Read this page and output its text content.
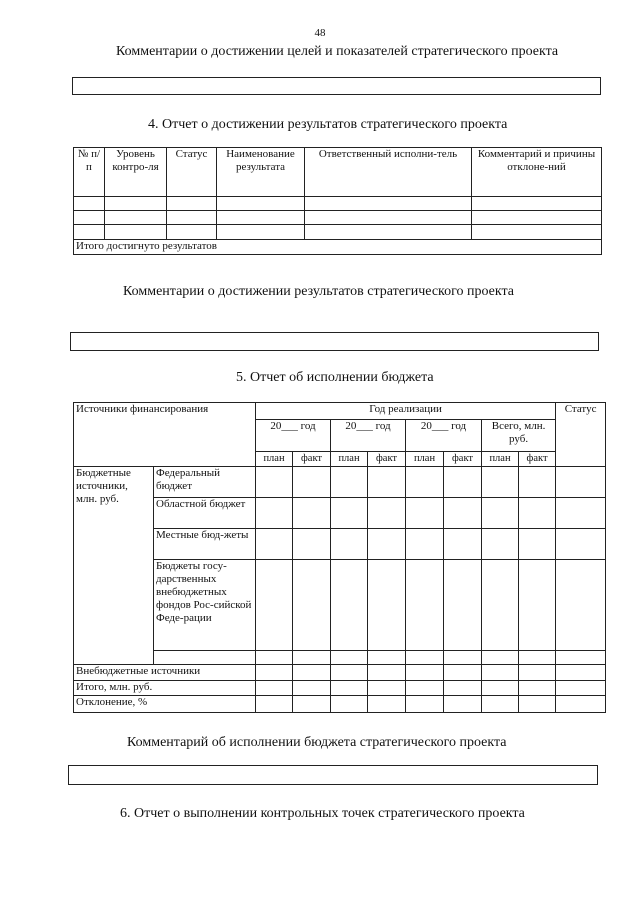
48
Комментарии о достижении целей и показателей стратегического проекта
4. Отчет о достижении результатов стратегического проекта
№ п/п	Уровень контро-ля	Статус	Наименование результата	Ответственный исполни-тель	Комментарий и причины отклоне-ний

Итого достигнуто результатов					
Комментарии о достижении результатов стратегического проекта
5. Отчет об исполнении бюджета
Источники финансирования		Год реализации								Статус
		20___ год		20___ год		20___ год		Всего, млн. руб.		
		план	факт	план	факт	план	факт	план	факт	
Бюджетные источники, млн. руб.	Федеральный бюджет									
	Областной бюджет									
	Местные бюд-жеты									
	Бюджеты госу-дарственных внебюджетных фондов Рос-сийской Феде-рации									

Внебюджетные источники										
Итого, млн. руб.										
Отклонение, %										
Комментарий об исполнении бюджета стратегического проекта
6. Отчет о выполнении контрольных точек стратегического проекта
